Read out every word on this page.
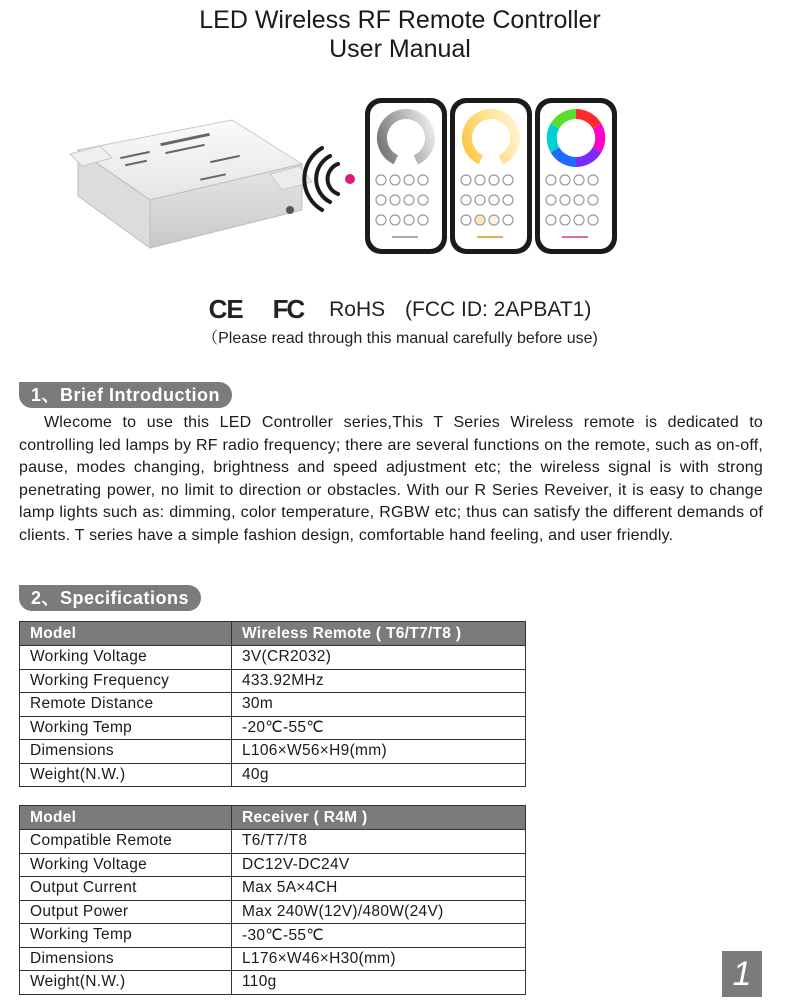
LED Wireless RF Remote Controller
User Manual
CE FC RoHS (FCC ID: 2APBAT1)
（Please read through this manual carefully before use)
1、Brief Introduction

Wlecome to use this LED Controller series,This T Series Wireless remote is dedicated to controlling led lamps by RF radio frequency; there are several functions on the remote, such as on-off, pause, modes changing, brightness and speed adjustment etc; the wireless signal is with strong penetrating power, no limit to direction or obstacles. With our R Series Reveiver, it is easy to change lamp lights such as: dimming, color temperature, RGBW etc; thus can satisfy the different demands of clients. T series have a simple fashion design, comfortable hand feeling, and user friendly.

2、Specifications
Model	Wireless Remote ( T6/T7/T8 )
Working Voltage	3V(CR2032)
Working Frequency	433.92MHz
Remote Distance	30m
Working Temp	-20℃-55℃
Dimensions	L106×W56×H9(mm)
Weight(N.W.)	40g
Model	Receiver ( R4M )
Compatible Remote	T6/T7/T8
Working Voltage	DC12V-DC24V
Output Current	Max 5A×4CH
Output Power	Max 240W(12V)/480W(24V)
Working Temp	-30℃-55℃
Dimensions	L176×W46×H30(mm)
Weight(N.W.)	110g	1
